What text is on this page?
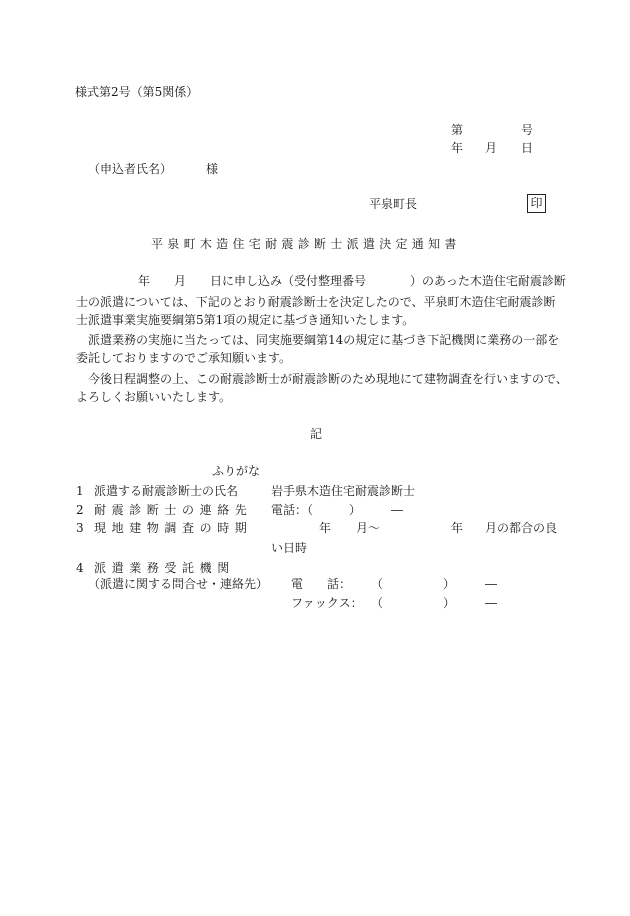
様式第2号（第5関係）
第	号
年 月 日
（申込者氏名）	様
平泉町長	印
平泉町木造住宅耐震診断士派遣決定通知書
年 月 日に申し込み（受付整理番号	）のあった木造住宅耐震診断
士の派遣については、下記のとおり耐震診断士を決定したので、平泉町木造住宅耐震診断
士派遣事業実施要綱第5第1項の規定に基づき通知いたします。
派遣業務の実施に当たっては、同実施要綱第14の規定に基づき下記機関に業務の一部を
委託しておりますのでご承知願います。
今後日程調整の上、この耐震診断士が耐震診断のため現地にて建物調査を行いますので、
よろしくお願いいたします。
記
ふりがな
1 派遣する耐震診断士の氏名	岩手県木造住宅耐震診断士
2 耐震診断士の連絡先 電話：（　　　）　　　―
3 現地建物調査の時期	年 月～	年 月の都合の良
い日時
4 派遣業務受託機関
（派遣に関する問合せ・連絡先） 電　　話： （　　　　　）　　　―
ファックス： （　　　　　）　　　―
